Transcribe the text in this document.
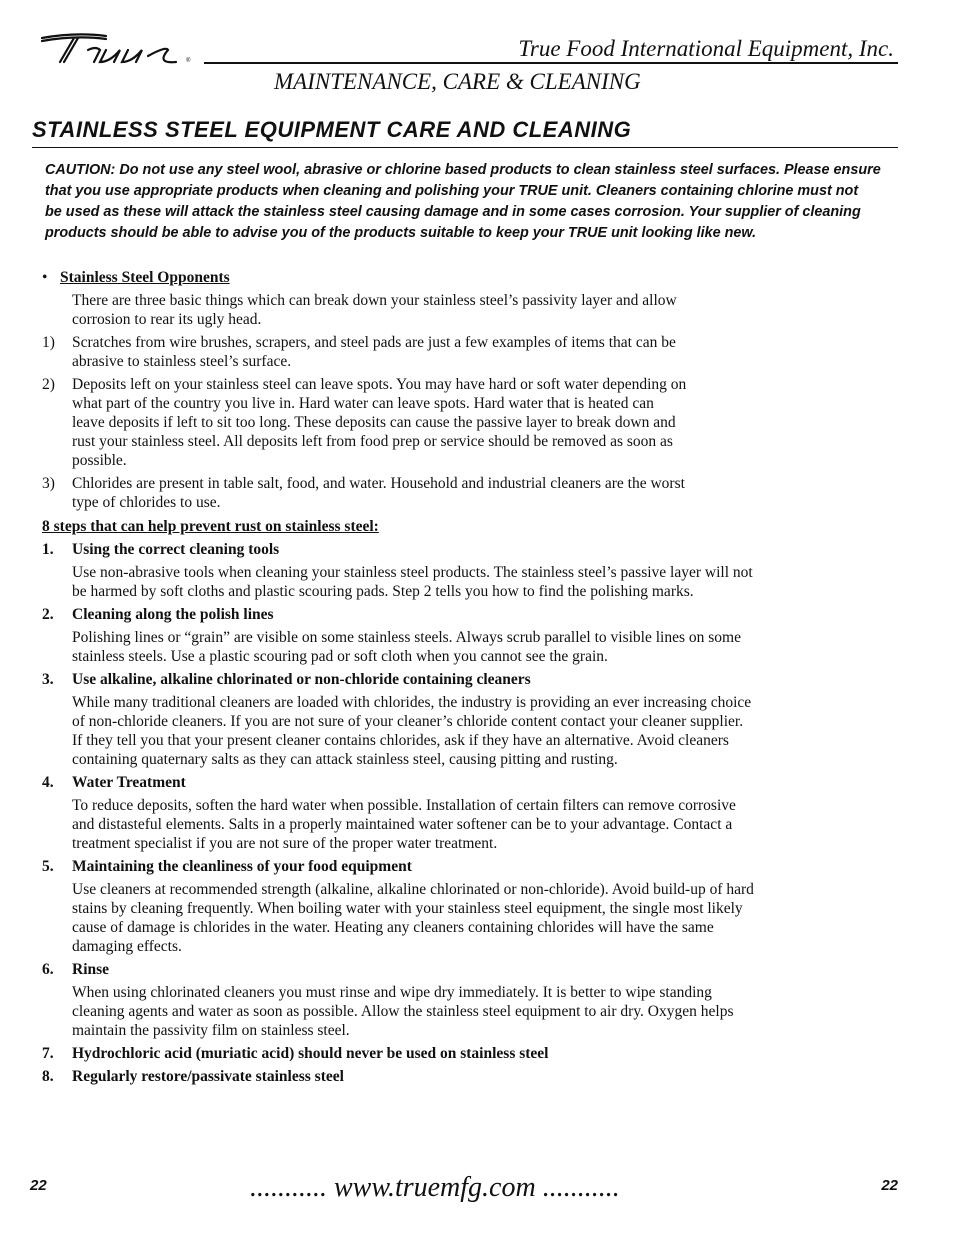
®	True Food International Equipment, Inc.
MAINTENANCE, CARE & CLEANING
STAINLESS STEEL EQUIPMENT CARE AND CLEANING
CAUTION: Do not use any steel wool, abrasive or chlorine based products to clean stainless steel surfaces. Please ensure
that you use appropriate products when cleaning and polishing your TRUE unit. Cleaners containing chlorine must not
be used as these will attack the stainless steel causing damage and in some cases corrosion. Your supplier of cleaning
products should be able to advise you of the products suitable to keep your TRUE unit looking like new.
• Stainless Steel Opponents
There are three basic things which can break down your stainless steel’s passivity layer and allow
corrosion to rear its ugly head.
1)	Scratches from wire brushes, scrapers, and steel pads are just a few examples of items that can be
abrasive to stainless steel’s surface.
2)	Deposits left on your stainless steel can leave spots. You may have hard or soft water depending on
what part of the country you live in. Hard water can leave spots. Hard water that is heated can
leave deposits if left to sit too long. These deposits can cause the passive layer to break down and
rust your stainless steel. All deposits left from food prep or service should be removed as soon as
possible.
3)	Chlorides are present in table salt, food, and water. Household and industrial cleaners are the worst
type of chlorides to use.
8 steps that can help prevent rust on stainless steel:
1.	Using the correct cleaning tools
Use non-abrasive tools when cleaning your stainless steel products. The stainless steel’s passive layer will not
be harmed by soft cloths and plastic scouring pads. Step 2 tells you how to find the polishing marks.
2.	Cleaning along the polish lines
Polishing lines or “grain” are visible on some stainless steels. Always scrub parallel to visible lines on some
stainless steels. Use a plastic scouring pad or soft cloth when you cannot see the grain.
3.	Use alkaline, alkaline chlorinated or non-chloride containing cleaners
While many traditional cleaners are loaded with chlorides, the industry is providing an ever increasing choice
of non-chloride cleaners. If you are not sure of your cleaner’s chloride content contact your cleaner supplier.
If they tell you that your present cleaner contains chlorides, ask if they have an alternative. Avoid cleaners
containing quaternary salts as they can attack stainless steel, causing pitting and rusting.
4.	Water Treatment
To reduce deposits, soften the hard water when possible. Installation of certain filters can remove corrosive
and distasteful elements. Salts in a properly maintained water softener can be to your advantage. Contact a
treatment specialist if you are not sure of the proper water treatment.
5.	Maintaining the cleanliness of your food equipment
Use cleaners at recommended strength (alkaline, alkaline chlorinated or non-chloride). Avoid build-up of hard
stains by cleaning frequently. When boiling water with your stainless steel equipment, the single most likely
cause of damage is chlorides in the water. Heating any cleaners containing chlorides will have the same
damaging effects.
6.	Rinse
When using chlorinated cleaners you must rinse and wipe dry immediately. It is better to wipe standing
cleaning agents and water as soon as possible. Allow the stainless steel equipment to air dry. Oxygen helps
maintain the passivity film on stainless steel.
7.	Hydrochloric acid (muriatic acid) should never be used on stainless steel
8.	Regularly restore/passivate stainless steel
22	........... www.truemfg.com ...........	22
